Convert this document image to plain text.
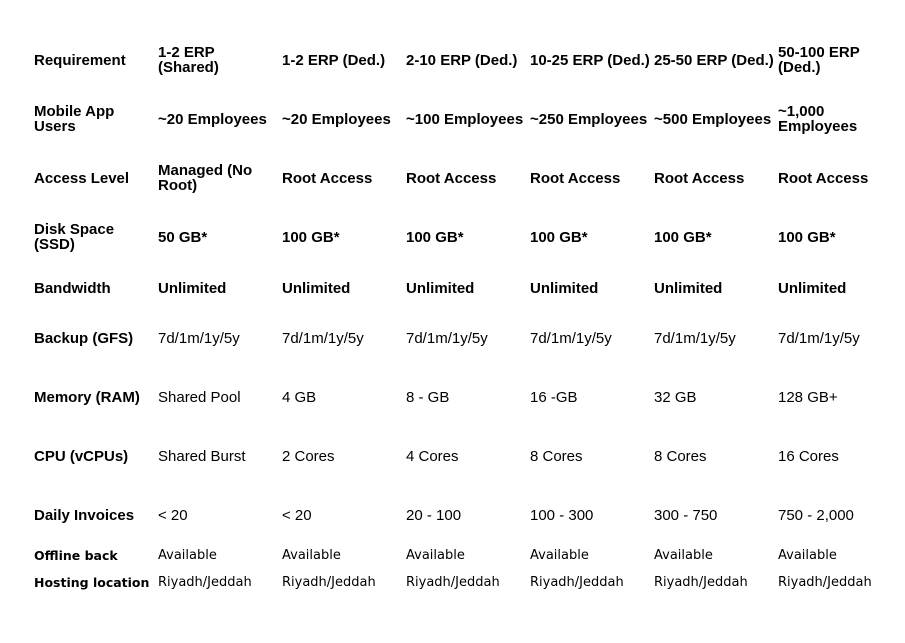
Requirement	1-2 ERP (Shared)	1-2 ERP (Ded.)	2-10 ERP (Ded.)	10-25 ERP (Ded.)	25-50 ERP (Ded.)	50-100 ERP (Ded.)
Mobile App Users	~20 Employees	~20 Employees	~100 Employees	~250 Employees	~500 Employees	~1,000 Employees
Access Level	Managed (No Root)	Root Access	Root Access	Root Access	Root Access	Root Access
Disk Space (SSD)	50 GB*	100 GB*	100 GB*	100 GB*	100 GB*	100 GB*
Bandwidth	Unlimited	Unlimited	Unlimited	Unlimited	Unlimited	Unlimited
Backup (GFS)	7d/1m/1y/5y	7d/1m/1y/5y	7d/1m/1y/5y	7d/1m/1y/5y	7d/1m/1y/5y	7d/1m/1y/5y
Memory (RAM)	Shared Pool	4 GB	8 - GB	16 -GB	32 GB	128 GB+
CPU (vCPUs)	Shared Burst	2 Cores	4 Cores	8 Cores	8 Cores	16 Cores
Daily Invoices	< 20	< 20	20 - 100	100 - 300	300 - 750	750 - 2,000
Offline back	Available	Available	Available	Available	Available	Available
Hosting location	Riyadh/Jeddah	Riyadh/Jeddah	Riyadh/Jeddah	Riyadh/Jeddah	Riyadh/Jeddah	Riyadh/Jeddah
